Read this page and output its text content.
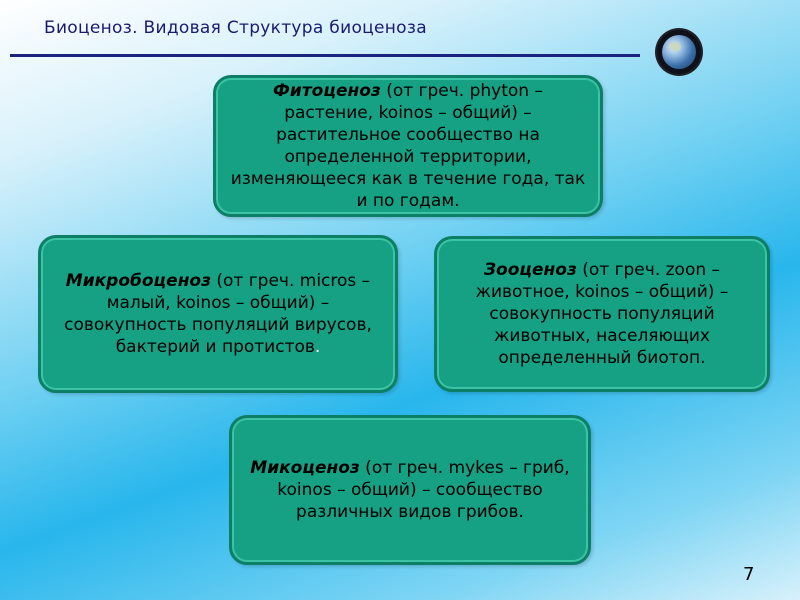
Биоценоз. Видовая Структура биоценоза

Фитоценоз (от греч. phyton – растение, koinos – общий) – растительное сообщество на определенной территории, изменяющееся как в течение года, так и по годам.

Микробоценоз (от греч. micros – малый, koinos – общий) – совокупность популяций вирусов, бактерий и протистов.

Зооценоз (от греч. zoon – животное, koinos – общий) – совокупность популяций животных, населяющих определенный биотоп.

Микоценоз (от греч. mykes – гриб, koinos – общий) – сообщество различных видов грибов.

7
